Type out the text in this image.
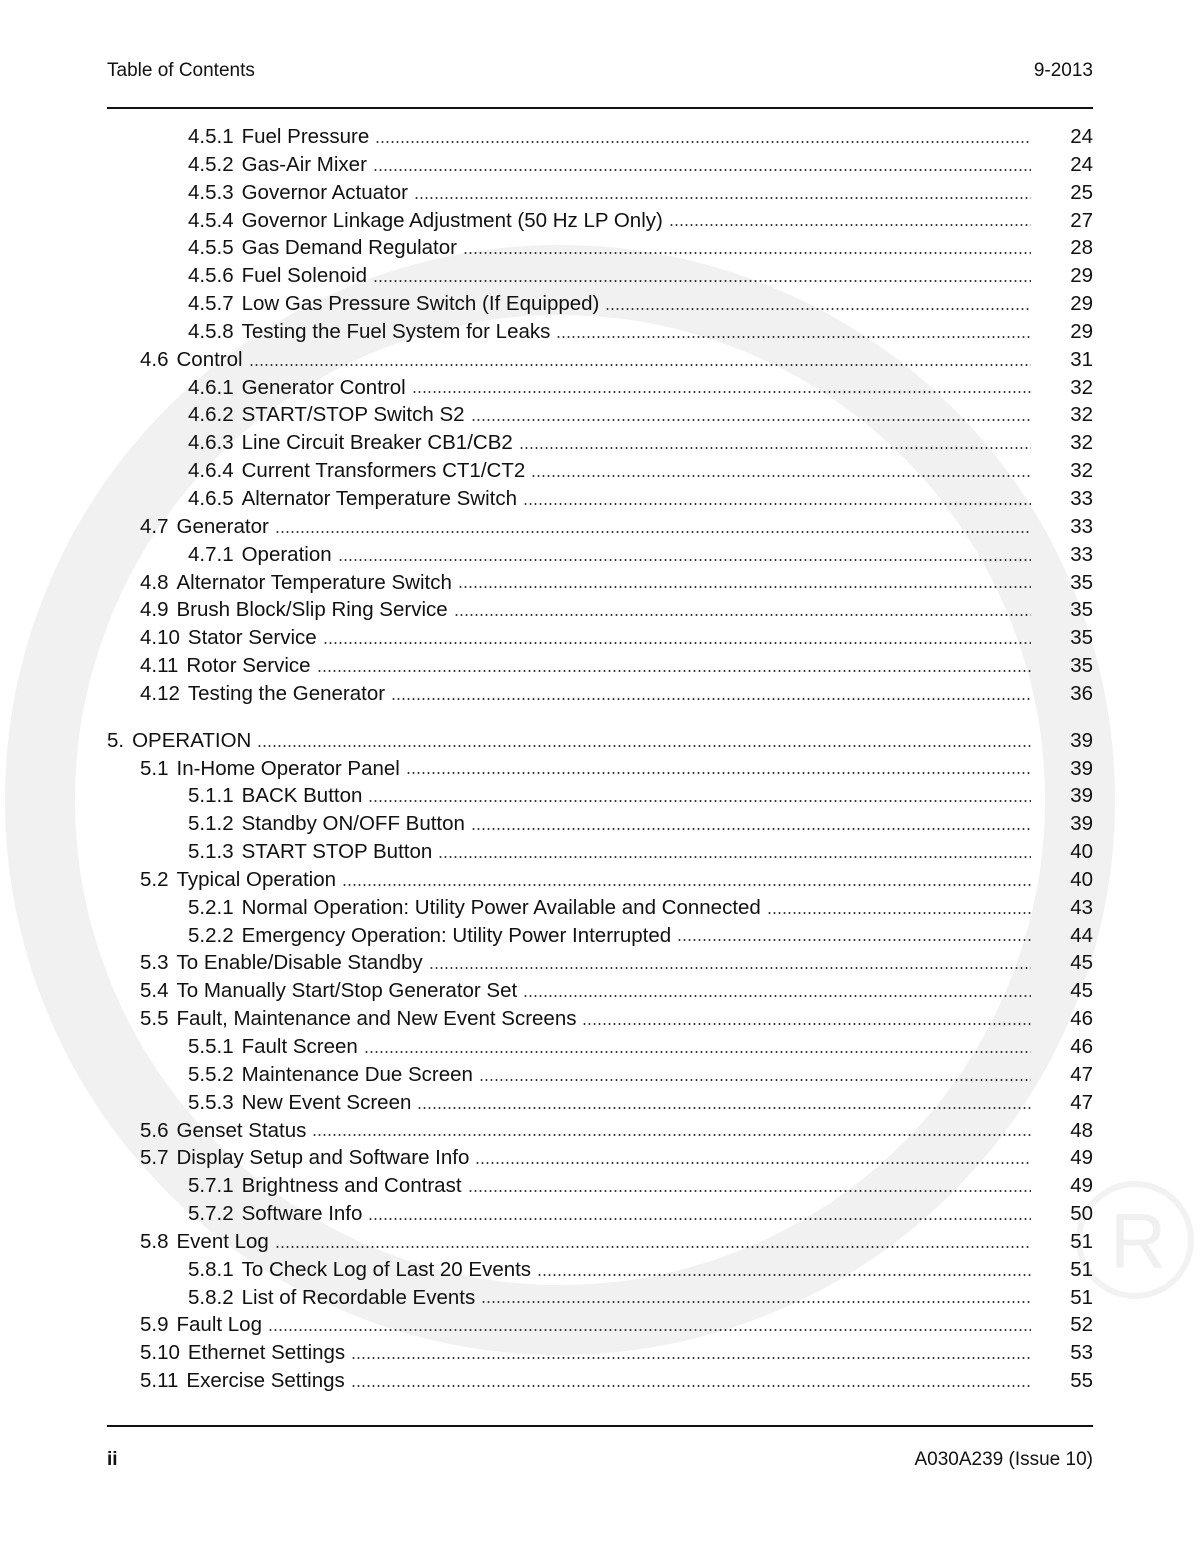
R
Table of Contents	9-2013
4.5.1 Fuel Pressure	24
4.5.2 Gas-Air Mixer	24
4.5.3 Governor Actuator	25
4.5.4 Governor Linkage Adjustment (50 Hz LP Only)	27
4.5.5 Gas Demand Regulator	28
4.5.6 Fuel Solenoid	29
4.5.7 Low Gas Pressure Switch (If Equipped)	29
4.5.8 Testing the Fuel System for Leaks	29
4.6 Control	31
4.6.1 Generator Control	32
4.6.2 START/STOP Switch S2	32
4.6.3 Line Circuit Breaker CB1/CB2	32
4.6.4 Current Transformers CT1/CT2	32
4.6.5 Alternator Temperature Switch	33
4.7 Generator	33
4.7.1 Operation	33
4.8 Alternator Temperature Switch	35
4.9 Brush Block/Slip Ring Service	35
4.10 Stator Service	35
4.11 Rotor Service	35
4.12 Testing the Generator	36
5. OPERATION	39
5.1 In-Home Operator Panel	39
5.1.1 BACK Button	39
5.1.2 Standby ON/OFF Button	39
5.1.3 START STOP Button	40
5.2 Typical Operation	40
5.2.1 Normal Operation: Utility Power Available and Connected	43
5.2.2 Emergency Operation: Utility Power Interrupted	44
5.3 To Enable/Disable Standby	45
5.4 To Manually Start/Stop Generator Set	45
5.5 Fault, Maintenance and New Event Screens	46
5.5.1 Fault Screen	46
5.5.2 Maintenance Due Screen	47
5.5.3 New Event Screen	47
5.6 Genset Status	48
5.7 Display Setup and Software Info	49
5.7.1 Brightness and Contrast	49
5.7.2 Software Info	50
5.8 Event Log	51
5.8.1 To Check Log of Last 20 Events	51
5.8.2 List of Recordable Events	51
5.9 Fault Log	52
5.10 Ethernet Settings	53
5.11 Exercise Settings	55
ii	A030A239 (Issue 10)
